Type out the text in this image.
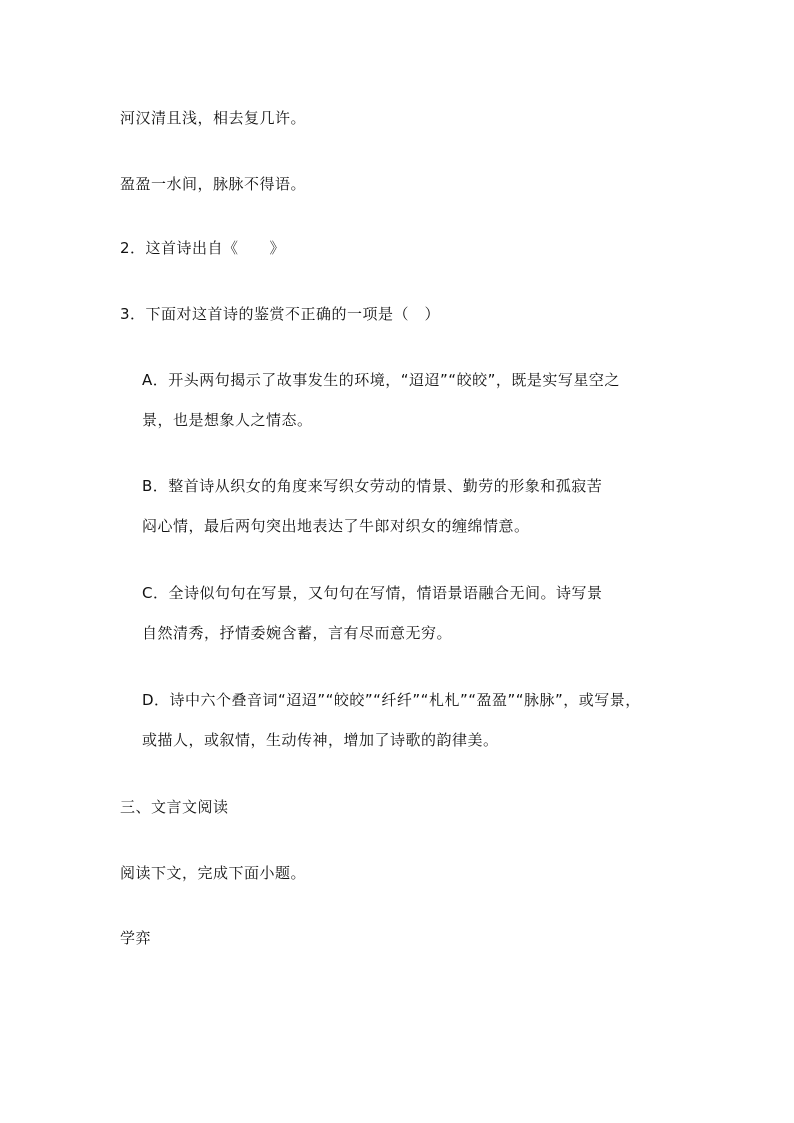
河汉清且浅，相去复几许。
盈盈一水间，脉脉不得语。
2．这首诗出自《　　》
3．下面对这首诗的鉴赏不正确的一项是（　）
A．开头两句揭示了故事发生的环境，“迢迢”“皎皎”，既是实写星空之
景，也是想象人之情态。
B．整首诗从织女的角度来写织女劳动的情景、勤劳的形象和孤寂苦
闷心情，最后两句突出地表达了牛郎对织女的缠绵情意。
C．全诗似句句在写景，又句句在写情，情语景语融合无间。诗写景
自然清秀，抒情委婉含蓄，言有尽而意无穷。
D．诗中六个叠音词“迢迢”“皎皎”“纤纤”“札札”“盈盈”“脉脉”，或写景，
或描人，或叙情，生动传神，增加了诗歌的韵律美。
三、文言文阅读
阅读下文，完成下面小题。
学弈
